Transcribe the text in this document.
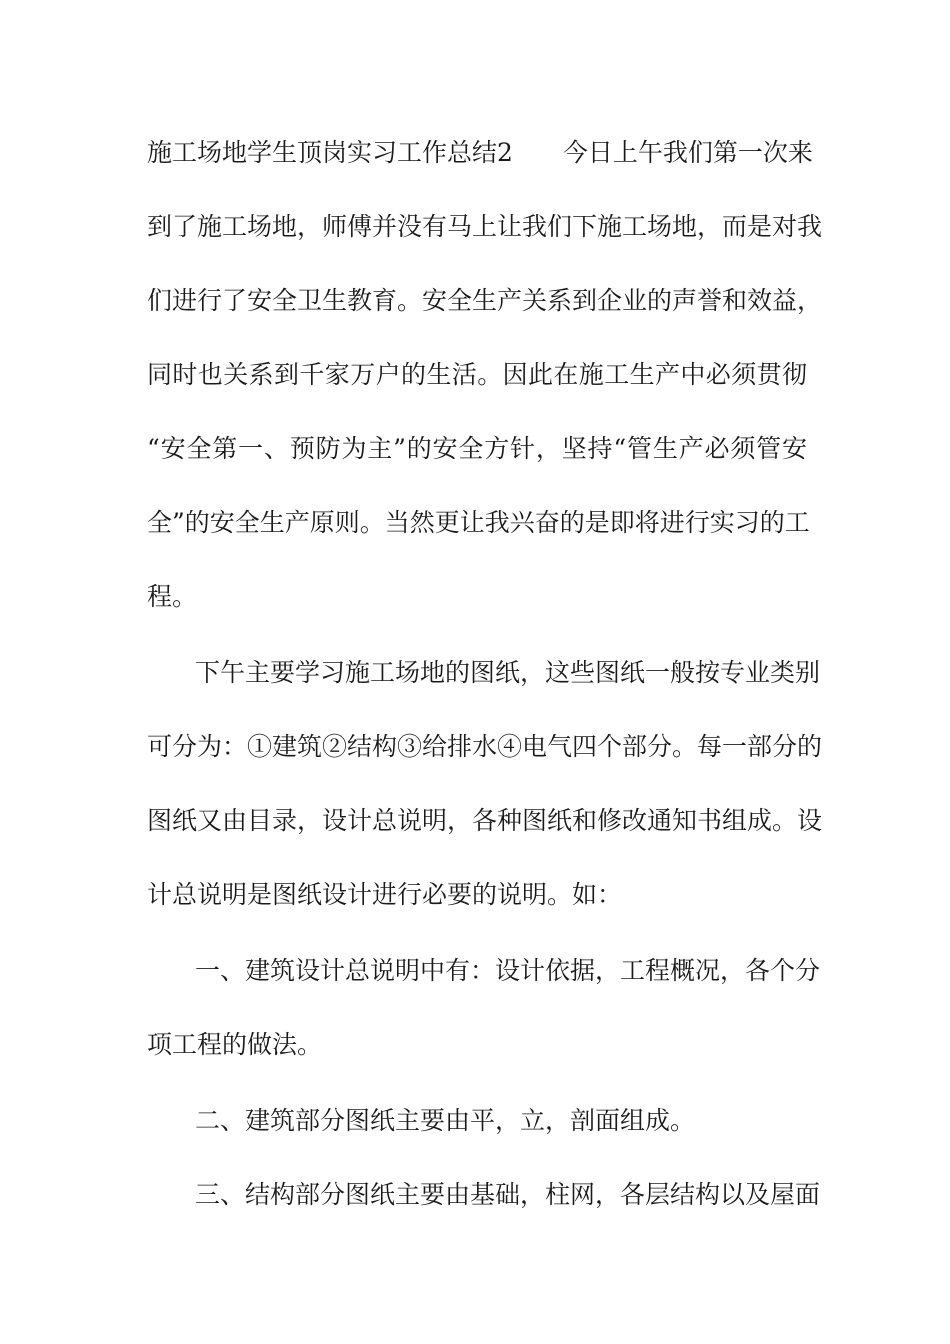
施工场地学生顶岗实习工作总结2　　今日上午我们第一次来
到了施工场地，师傅并没有马上让我们下施工场地，而是对我
们进行了安全卫生教育。安全生产关系到企业的声誉和效益，
同时也关系到千家万户的生活。因此在施工生产中必须贯彻
“安全第一、预防为主”的安全方针，坚持“管生产必须管安
全”的安全生产原则。当然更让我兴奋的是即将进行实习的工
程。
下午主要学习施工场地的图纸，这些图纸一般按专业类别
可分为：①建筑②结构③给排水④电气四个部分。每一部分的
图纸又由目录，设计总说明，各种图纸和修改通知书组成。设
计总说明是图纸设计进行必要的说明。如：
一、建筑设计总说明中有：设计依据，工程概况，各个分
项工程的做法。
二、建筑部分图纸主要由平，立，剖面组成。
三、结构部分图纸主要由基础，柱网，各层结构以及屋面
